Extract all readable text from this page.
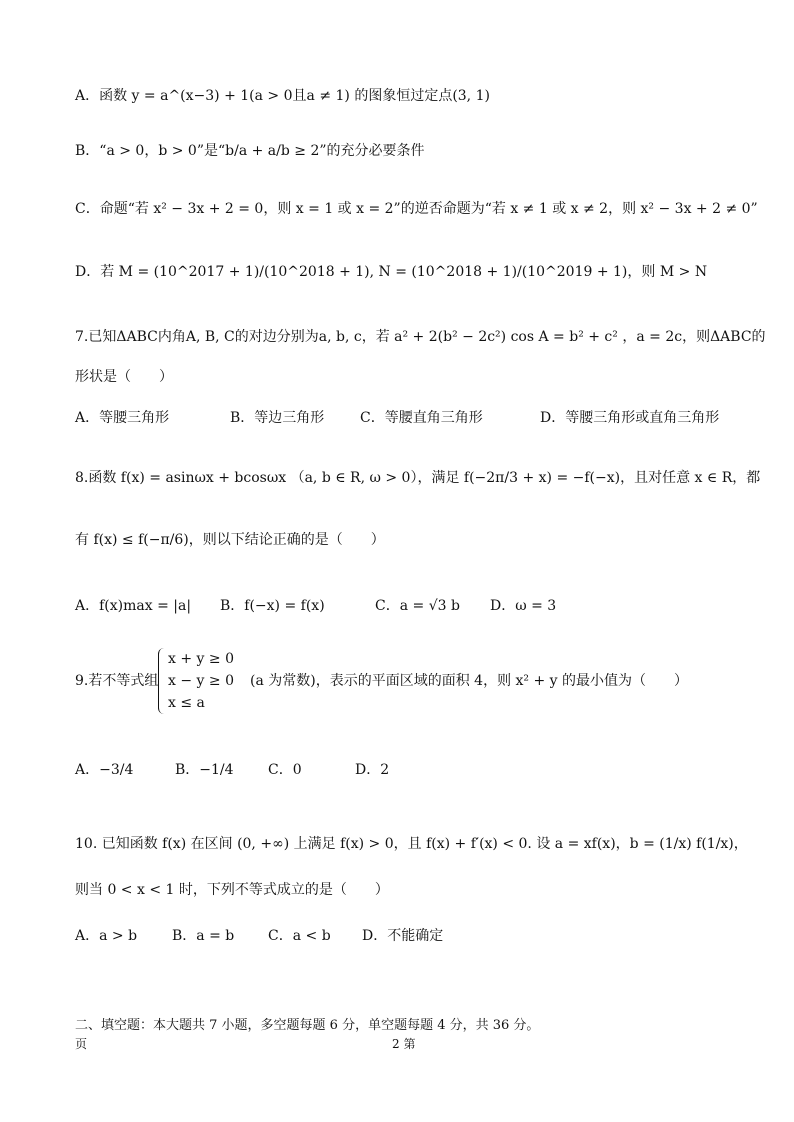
A．函数 y = a^(x−3) + 1(a > 0且a ≠ 1) 的图象恒过定点(3, 1)
B．“a > 0，b > 0”是“b/a + a/b ≥ 2”的充分必要条件
C．命题“若 x² − 3x + 2 = 0，则 x = 1 或 x = 2”的逆否命题为“若 x ≠ 1 或 x ≠ 2，则 x² − 3x + 2 ≠ 0”
D．若 M = (10^2017 + 1)/(10^2018 + 1), N = (10^2018 + 1)/(10^2019 + 1)，则 M > N
7.已知ΔABC内角A, B, C的对边分别为a, b, c，若 a² + 2(b² − 2c²) cos A = b² + c² ，a = 2c，则ΔABC的
形状是（　　）
A．等腰三角形	B．等边三角形	C．等腰直角三角形	D．等腰三角形或直角三角形
8.函数 f(x) = asinωx + bcosωx （a, b ∈ R, ω > 0），满足 f(−2π/3 + x) = −f(−x)，且对任意 x ∈ R，都
有 f(x) ≤ f(−π/6)，则以下结论正确的是（　　）
A．f(x)max = |a| B．f(−x) = f(x)	C．a = √3 b D．ω = 3
9.若不等式组
x + y ≥ 0
x − y ≥ 0
x ≤ a
(a 为常数)，表示的平面区域的面积 4，则 x² + y 的最小值为（　　）
A．−3/4	B．−1/4 C．0	D．2
10. 已知函数 f(x) 在区间 (0, +∞) 上满足 f(x) > 0，且 f(x) + f′(x) < 0. 设 a = xf(x)，b = (1/x) f(1/x)，
则当 0 < x < 1 时，下列不等式成立的是（　　）
A．a > b B．a = b C．a < b D．不能确定
二、填空题：本大题共 7 小题，多空题每题 6 分，单空题每题 4 分，共 36 分。
页	2 第
